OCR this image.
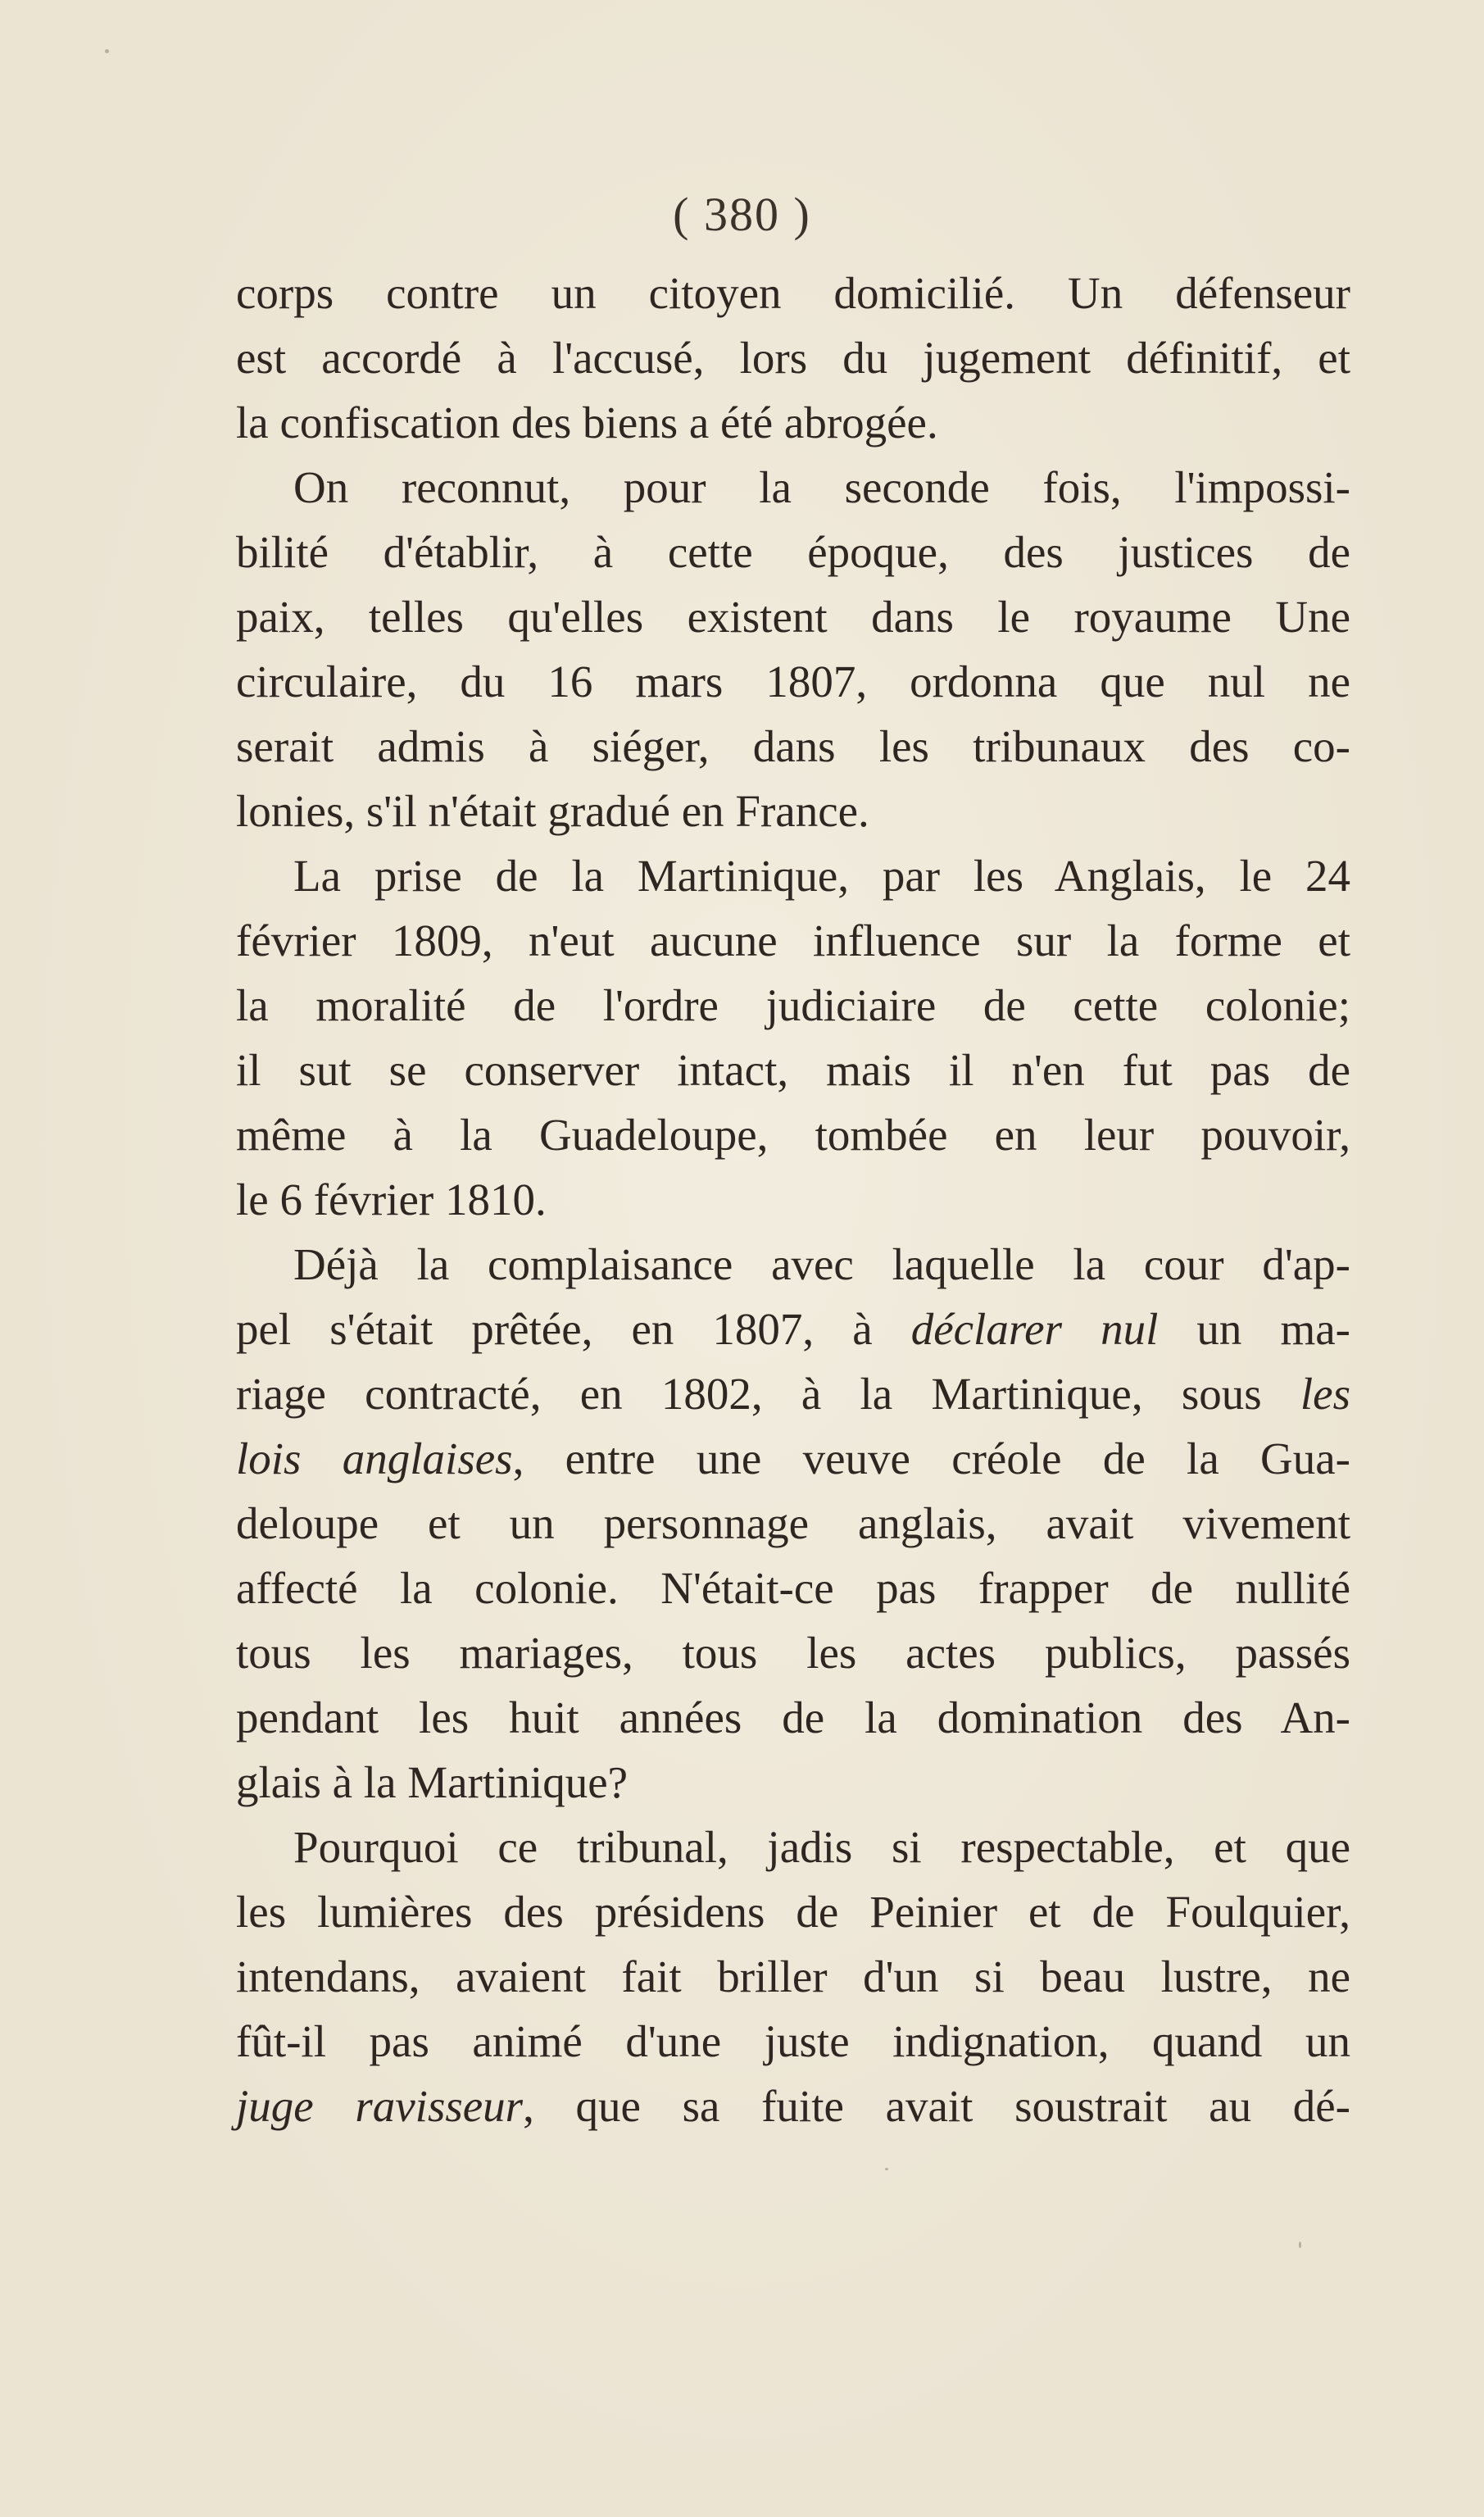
( 380 )
corps contre un citoyen domicilié. Un défenseur
est accordé à l'accusé, lors du jugement définitif, et
la confiscation des biens a été abrogée.
On reconnut, pour la seconde fois, l'impossi-
bilité d'établir, à cette époque, des justices de
paix, telles qu'elles existent dans le royaume Une
circulaire, du 16 mars 1807, ordonna que nul ne
serait admis à siéger, dans les tribunaux des co-
lonies, s'il n'était gradué en France.
La prise de la Martinique, par les Anglais, le 24
février 1809, n'eut aucune influence sur la forme et
la moralité de l'ordre judiciaire de cette colonie;
il sut se conserver intact, mais il n'en fut pas de
même à la Guadeloupe, tombée en leur pouvoir,
le 6 février 1810.
Déjà la complaisance avec laquelle la cour d'ap-
pel s'était prêtée, en 1807, à déclarer nul un ma-
riage contracté, en 1802, à la Martinique, sous les
lois anglaises, entre une veuve créole de la Gua-
deloupe et un personnage anglais, avait vivement
affecté la colonie. N'était-ce pas frapper de nullité
tous les mariages, tous les actes publics, passés
pendant les huit années de la domination des An-
glais à la Martinique?
Pourquoi ce tribunal, jadis si respectable, et que
les lumières des présidens de Peinier et de Foulquier,
intendans, avaient fait briller d'un si beau lustre, ne
fût-il pas animé d'une juste indignation, quand un
juge ravisseur, que sa fuite avait soustrait au dé-
